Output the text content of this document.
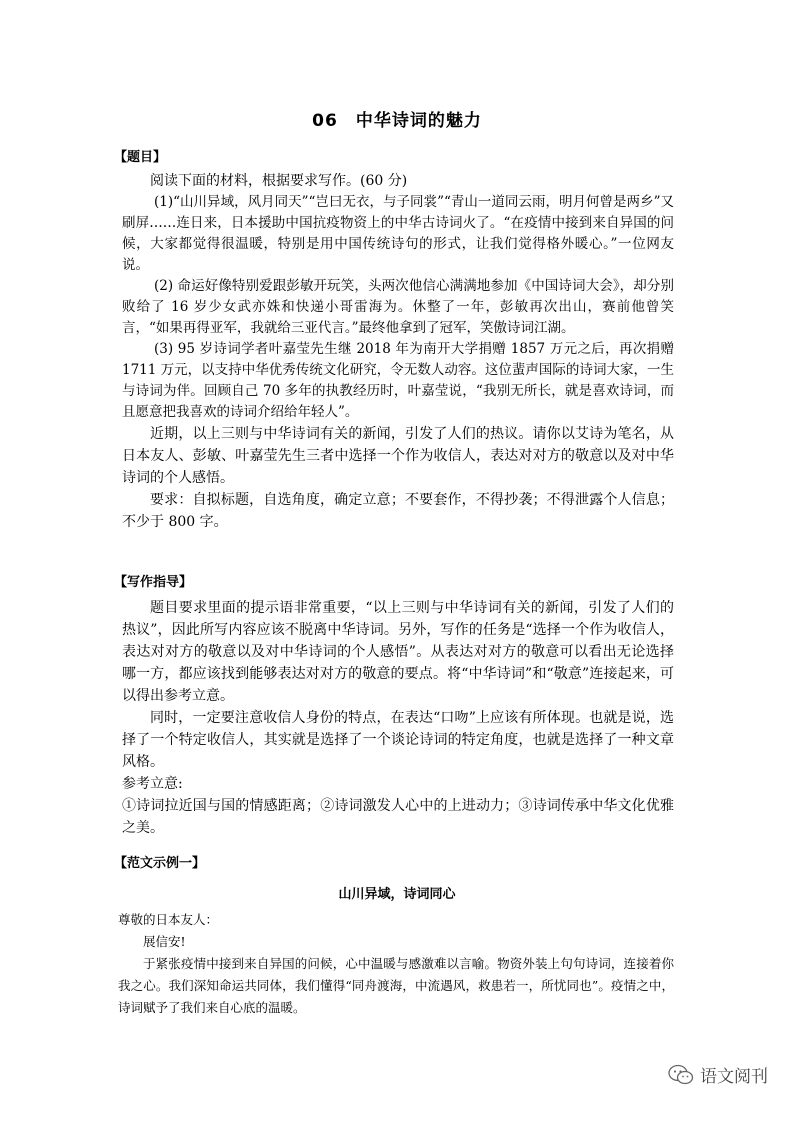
06　中华诗词的魅力
【题目】

阅读下面的材料，根据要求写作。(60 分)

(1)“山川异域，风月同天”“岂曰无衣，与子同裳”“青山一道同云雨，明月何曾是两乡”又刷屏……连日来，日本援助中国抗疫物资上的中华古诗词火了。“在疫情中接到来自异国的问候，大家都觉得很温暖，特别是用中国传统诗句的形式，让我们觉得格外暖心。”一位网友说。

(2) 命运好像特别爱跟彭敏开玩笑，头两次他信心满满地参加《中国诗词大会》，却分别败给了 16 岁少女武亦姝和快递小哥雷海为。休整了一年，彭敏再次出山，赛前他曾笑言，“如果再得亚军，我就给三亚代言。”最终他拿到了冠军，笑傲诗词江湖。

(3) 95 岁诗词学者叶嘉莹先生继 2018 年为南开大学捐赠 1857 万元之后，再次捐赠 1711 万元，以支持中华优秀传统文化研究，令无数人动容。这位蜚声国际的诗词大家，一生与诗词为伴。回顾自己 70 多年的执教经历时，叶嘉莹说，“我别无所长，就是喜欢诗词，而且愿意把我喜欢的诗词介绍给年轻人”。

近期，以上三则与中华诗词有关的新闻，引发了人们的热议。请你以艾诗为笔名，从日本友人、彭敏、叶嘉莹先生三者中选择一个作为收信人，表达对对方的敬意以及对中华诗词的个人感悟。

要求：自拟标题，自选角度，确定立意；不要套作，不得抄袭；不得泄露个人信息；不少于 800 字。

【写作指导】

题目要求里面的提示语非常重要，“以上三则与中华诗词有关的新闻，引发了人们的热议”，因此所写内容应该不脱离中华诗词。另外，写作的任务是“选择一个作为收信人，表达对对方的敬意以及对中华诗词的个人感悟”。从表达对对方的敬意可以看出无论选择哪一方，都应该找到能够表达对对方的敬意的要点。将“中华诗词”和“敬意”连接起来，可以得出参考立意。

同时，一定要注意收信人身份的特点，在表达“口吻”上应该有所体现。也就是说，选择了一个特定收信人，其实就是选择了一个谈论诗词的特定角度，也就是选择了一种文章风格。

参考立意:

①诗词拉近国与国的情感距离；②诗词激发人心中的上进动力；③诗词传承中华文化优雅之美。

【范文示例一】
山川异域，诗词同心

尊敬的日本友人：

展信安!

于紧张疫情中接到来自异国的问候，心中温暖与感激难以言喻。物资外装上句句诗词，连接着你我之心。我们深知命运共同体，我们懂得“同舟渡海，中流遇风，救患若一，所忧同也”。疫情之中，诗词赋予了我们来自心底的温暖。

语文阅刊
